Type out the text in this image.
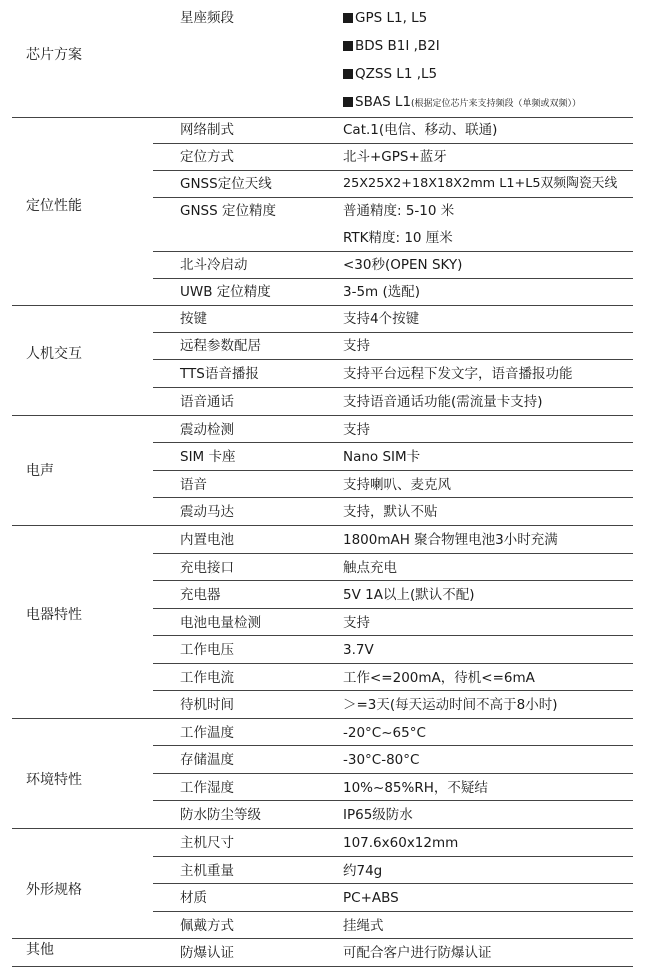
芯片方案
星座频段	GPS L1, L5
BDS B1I ,B2I
QZSS L1 ,L5
SBAS L1(根据定位芯片来支持频段（单频或双频））
定位性能
网络制式	Cat.1(电信、移动、联通)
定位方式	北斗+GPS+蓝牙
GNSS定位天线	25X25X2+18X18X2mm L1+L5双频陶瓷天线
GNSS 定位精度	普通精度: 5-10 米
RTK精度: 10 厘米
北斗冷启动	<30秒(OPEN SKY)
UWB 定位精度	3-5m (选配)
人机交互
按键	支持4个按键
远程参数配居	支持
TTS语音播报	支持平台远程下发文字，语音播报功能
语音通话	支持语音通话功能(需流量卡支持)
电声
震动检测	支持
SIM 卡座	Nano SIM卡
语音	支持喇叭、麦克风
震动马达	支持，默认不贴
电器特性
内置电池	1800mAH 聚合物锂电池3小时充满
充电接口	触点充电
充电器	5V 1A以上(默认不配)
电池电量检测	支持
工作电压	3.7V
工作电流	工作<=200mA，待机<=6mA
待机时间	＞=3天(每天运动时间不高于8小时)
环境特性
工作温度	-20°C~65°C
存储温度	-30°C-80°C
工作湿度	10%~85%RH，不疑结
防水防尘等级	IP65级防水
外形规格
主机尺寸	107.6x60x12mm
主机重量	约74g
材质	PC+ABS
佩戴方式	挂绳式
其他	防爆认证	可配合客户进行防爆认证
